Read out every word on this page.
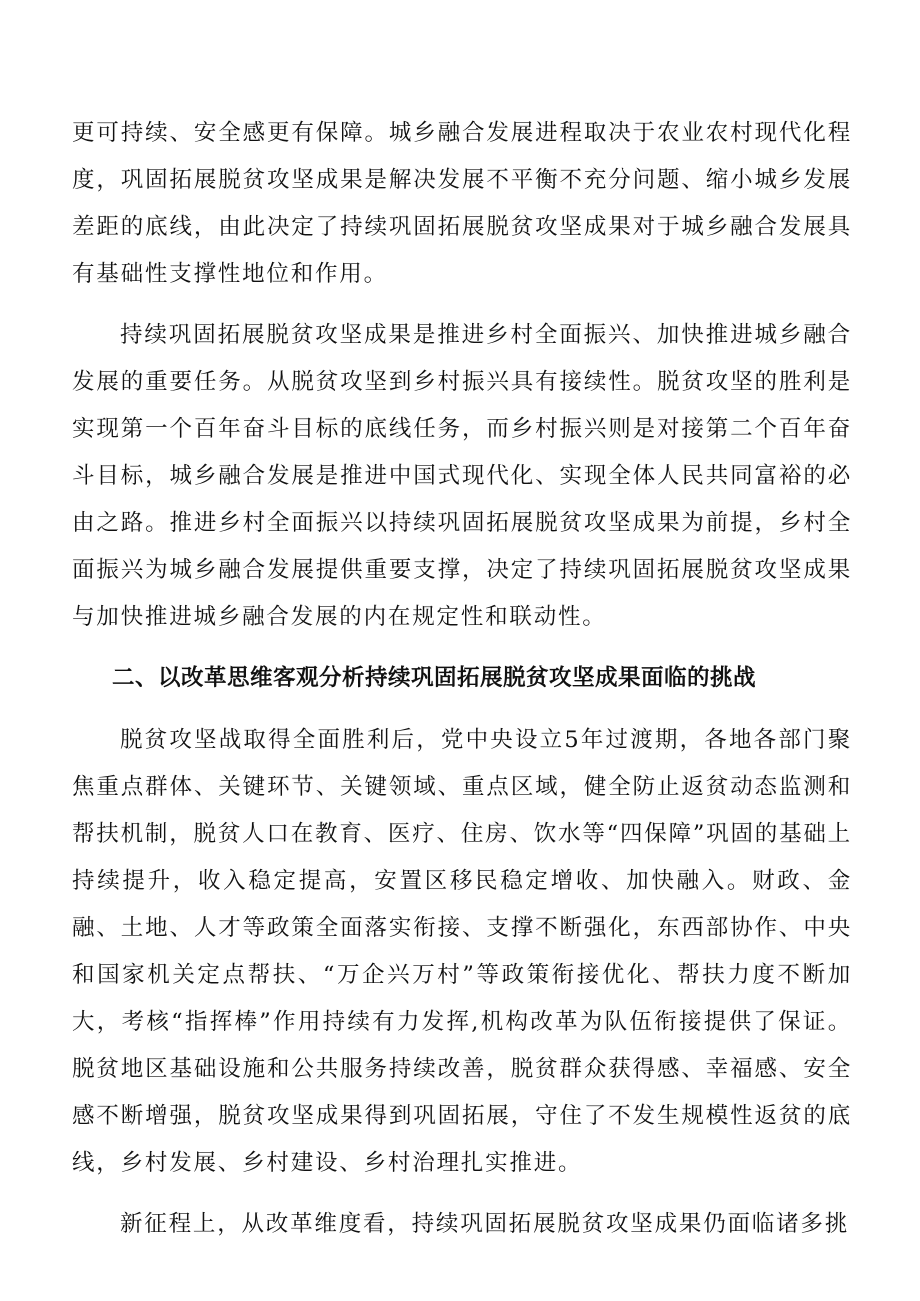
更可持续、安全感更有保障。城乡融合发展进程取决于农业农村现代化程度，巩固拓展脱贫攻坚成果是解决发展不平衡不充分问题、缩小城乡发展差距的底线，由此决定了持续巩固拓展脱贫攻坚成果对于城乡融合发展具有基础性支撑性地位和作用。

持续巩固拓展脱贫攻坚成果是推进乡村全面振兴、加快推进城乡融合发展的重要任务。从脱贫攻坚到乡村振兴具有接续性。脱贫攻坚的胜利是实现第一个百年奋斗目标的底线任务，而乡村振兴则是对接第二个百年奋斗目标，城乡融合发展是推进中国式现代化、实现全体人民共同富裕的必由之路。推进乡村全面振兴以持续巩固拓展脱贫攻坚成果为前提，乡村全面振兴为城乡融合发展提供重要支撑，决定了持续巩固拓展脱贫攻坚成果与加快推进城乡融合发展的内在规定性和联动性。

二、以改革思维客观分析持续巩固拓展脱贫攻坚成果面临的挑战

脱贫攻坚战取得全面胜利后，党中央设立5年过渡期，各地各部门聚焦重点群体、关键环节、关键领域、重点区域，健全防止返贫动态监测和帮扶机制，脱贫人口在教育、医疗、住房、饮水等“四保障”巩固的基础上持续提升，收入稳定提高，安置区移民稳定增收、加快融入。财政、金融、土地、人才等政策全面落实衔接、支撑不断强化，东西部协作、中央和国家机关定点帮扶、“万企兴万村”等政策衔接优化、帮扶力度不断加大，考核“指挥棒”作用持续有力发挥,机构改革为队伍衔接提供了保证。脱贫地区基础设施和公共服务持续改善，脱贫群众获得感、幸福感、安全感不断增强，脱贫攻坚成果得到巩固拓展，守住了不发生规模性返贫的底线，乡村发展、乡村建设、乡村治理扎实推进。

新征程上，从改革维度看，持续巩固拓展脱贫攻坚成果仍面临诸多挑
